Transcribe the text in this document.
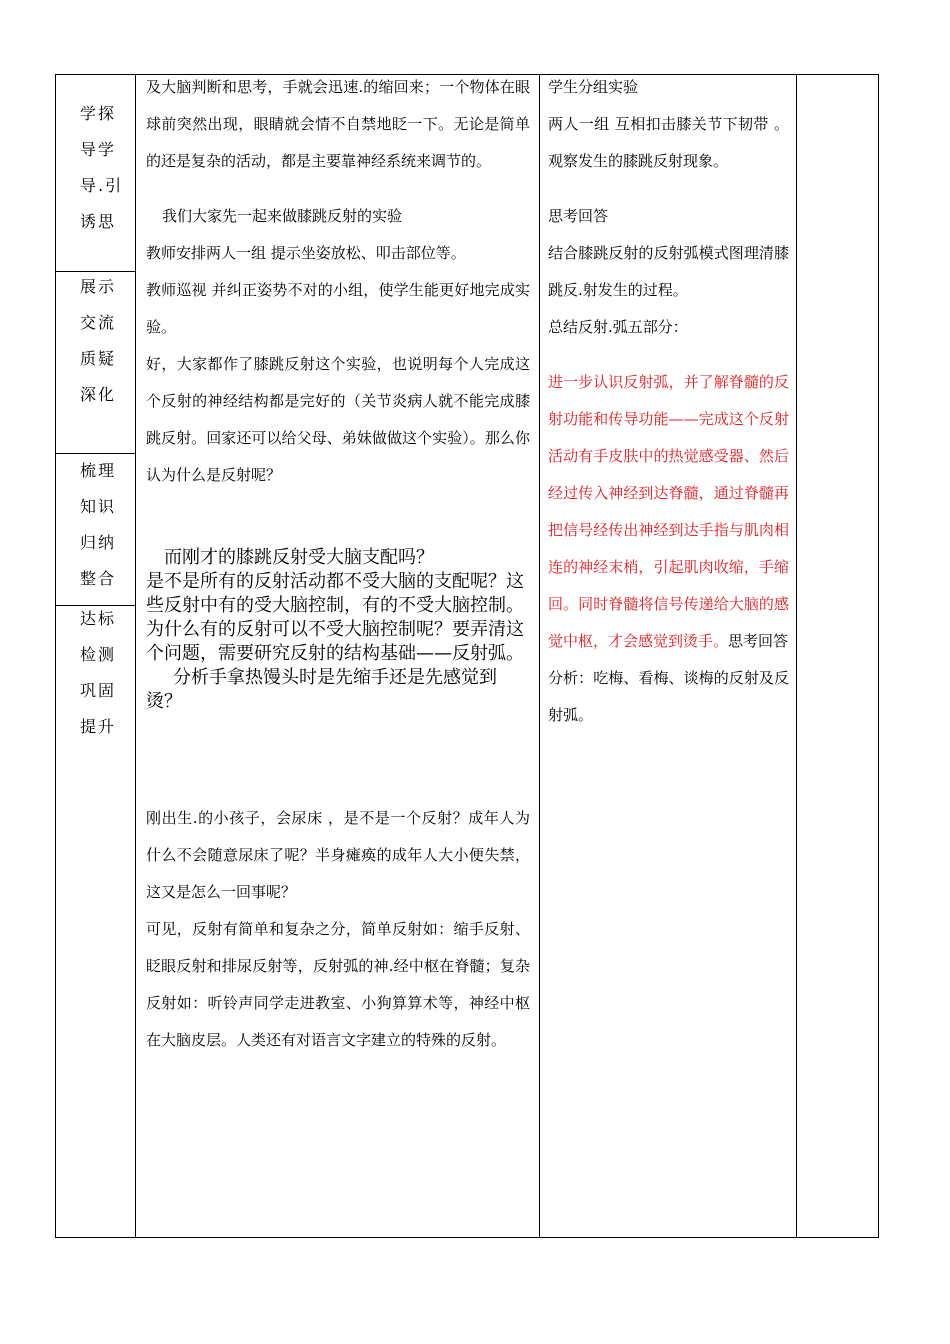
学探
导学
导.引
诱思
展示
交流
质疑
深化
梳理
知识
归纳
整合
达标
检测
巩固
提升

及大脑判断和思考，手就会迅速.的缩回来；一个物体在眼球前突然出现，眼睛就会情不自禁地眨一下。无论是简单的还是复杂的活动，都是主要靠神经系统来调节的。

我们大家先一起来做膝跳反射的实验

教师安排两人一组 提示坐姿放松、叩击部位等。

教师巡视 并纠正姿势不对的小组，使学生能更好地完成实验。

好，大家都作了膝跳反射这个实验，也说明每个人完成这个反射的神经结构都是完好的（关节炎病人就不能完成膝跳反射。回家还可以给父母、弟妹做做这个实验）。那么你认为什么是反射呢？

而刚才的膝跳反射受大脑支配吗？

是不是所有的反射活动都不受大脑的支配呢？这些反射中有的受大脑控制，有的不受大脑控制。为什么有的反射可以不受大脑控制呢？要弄清这个问题，需要研究反射的结构基础——反射弧。

分析手拿热馒头时是先缩手还是先感觉到烫？

刚出生.的小孩子，会尿床 ，是不是一个反射？成年人为什么不会随意尿床了呢？半身瘫痪的成年人大小便失禁，这又是怎么一回事呢？

可见，反射有简单和复杂之分，简单反射如：缩手反射、眨眼反射和排尿反射等，反射弧的神.经中枢在脊髓；复杂反射如：听铃声同学走进教室、小狗算算术等，神经中枢在大脑皮层。人类还有对语言文字建立的特殊的反射。

学生分组实验

两人一组 互相扣击膝关节下韧带 。观察发生的膝跳反射现象。

思考回答

结合膝跳反射的反射弧模式图理清膝跳反.射发生的过程。

总结反射.弧五部分：

进一步认识反射弧，并了解脊髓的反射功能和传导功能——完成这个反射活动有手皮肤中的热觉感受器、然后经过传入神经到达脊髓，通过脊髓再把信号经传出神经到达手指与肌肉相连的神经末梢，引起肌肉收缩，手缩回。同时脊髓将信号传递给大脑的感觉中枢，才会感觉到烫手。思考回答

分析：吃梅、看梅、谈梅的反射及反射弧。
